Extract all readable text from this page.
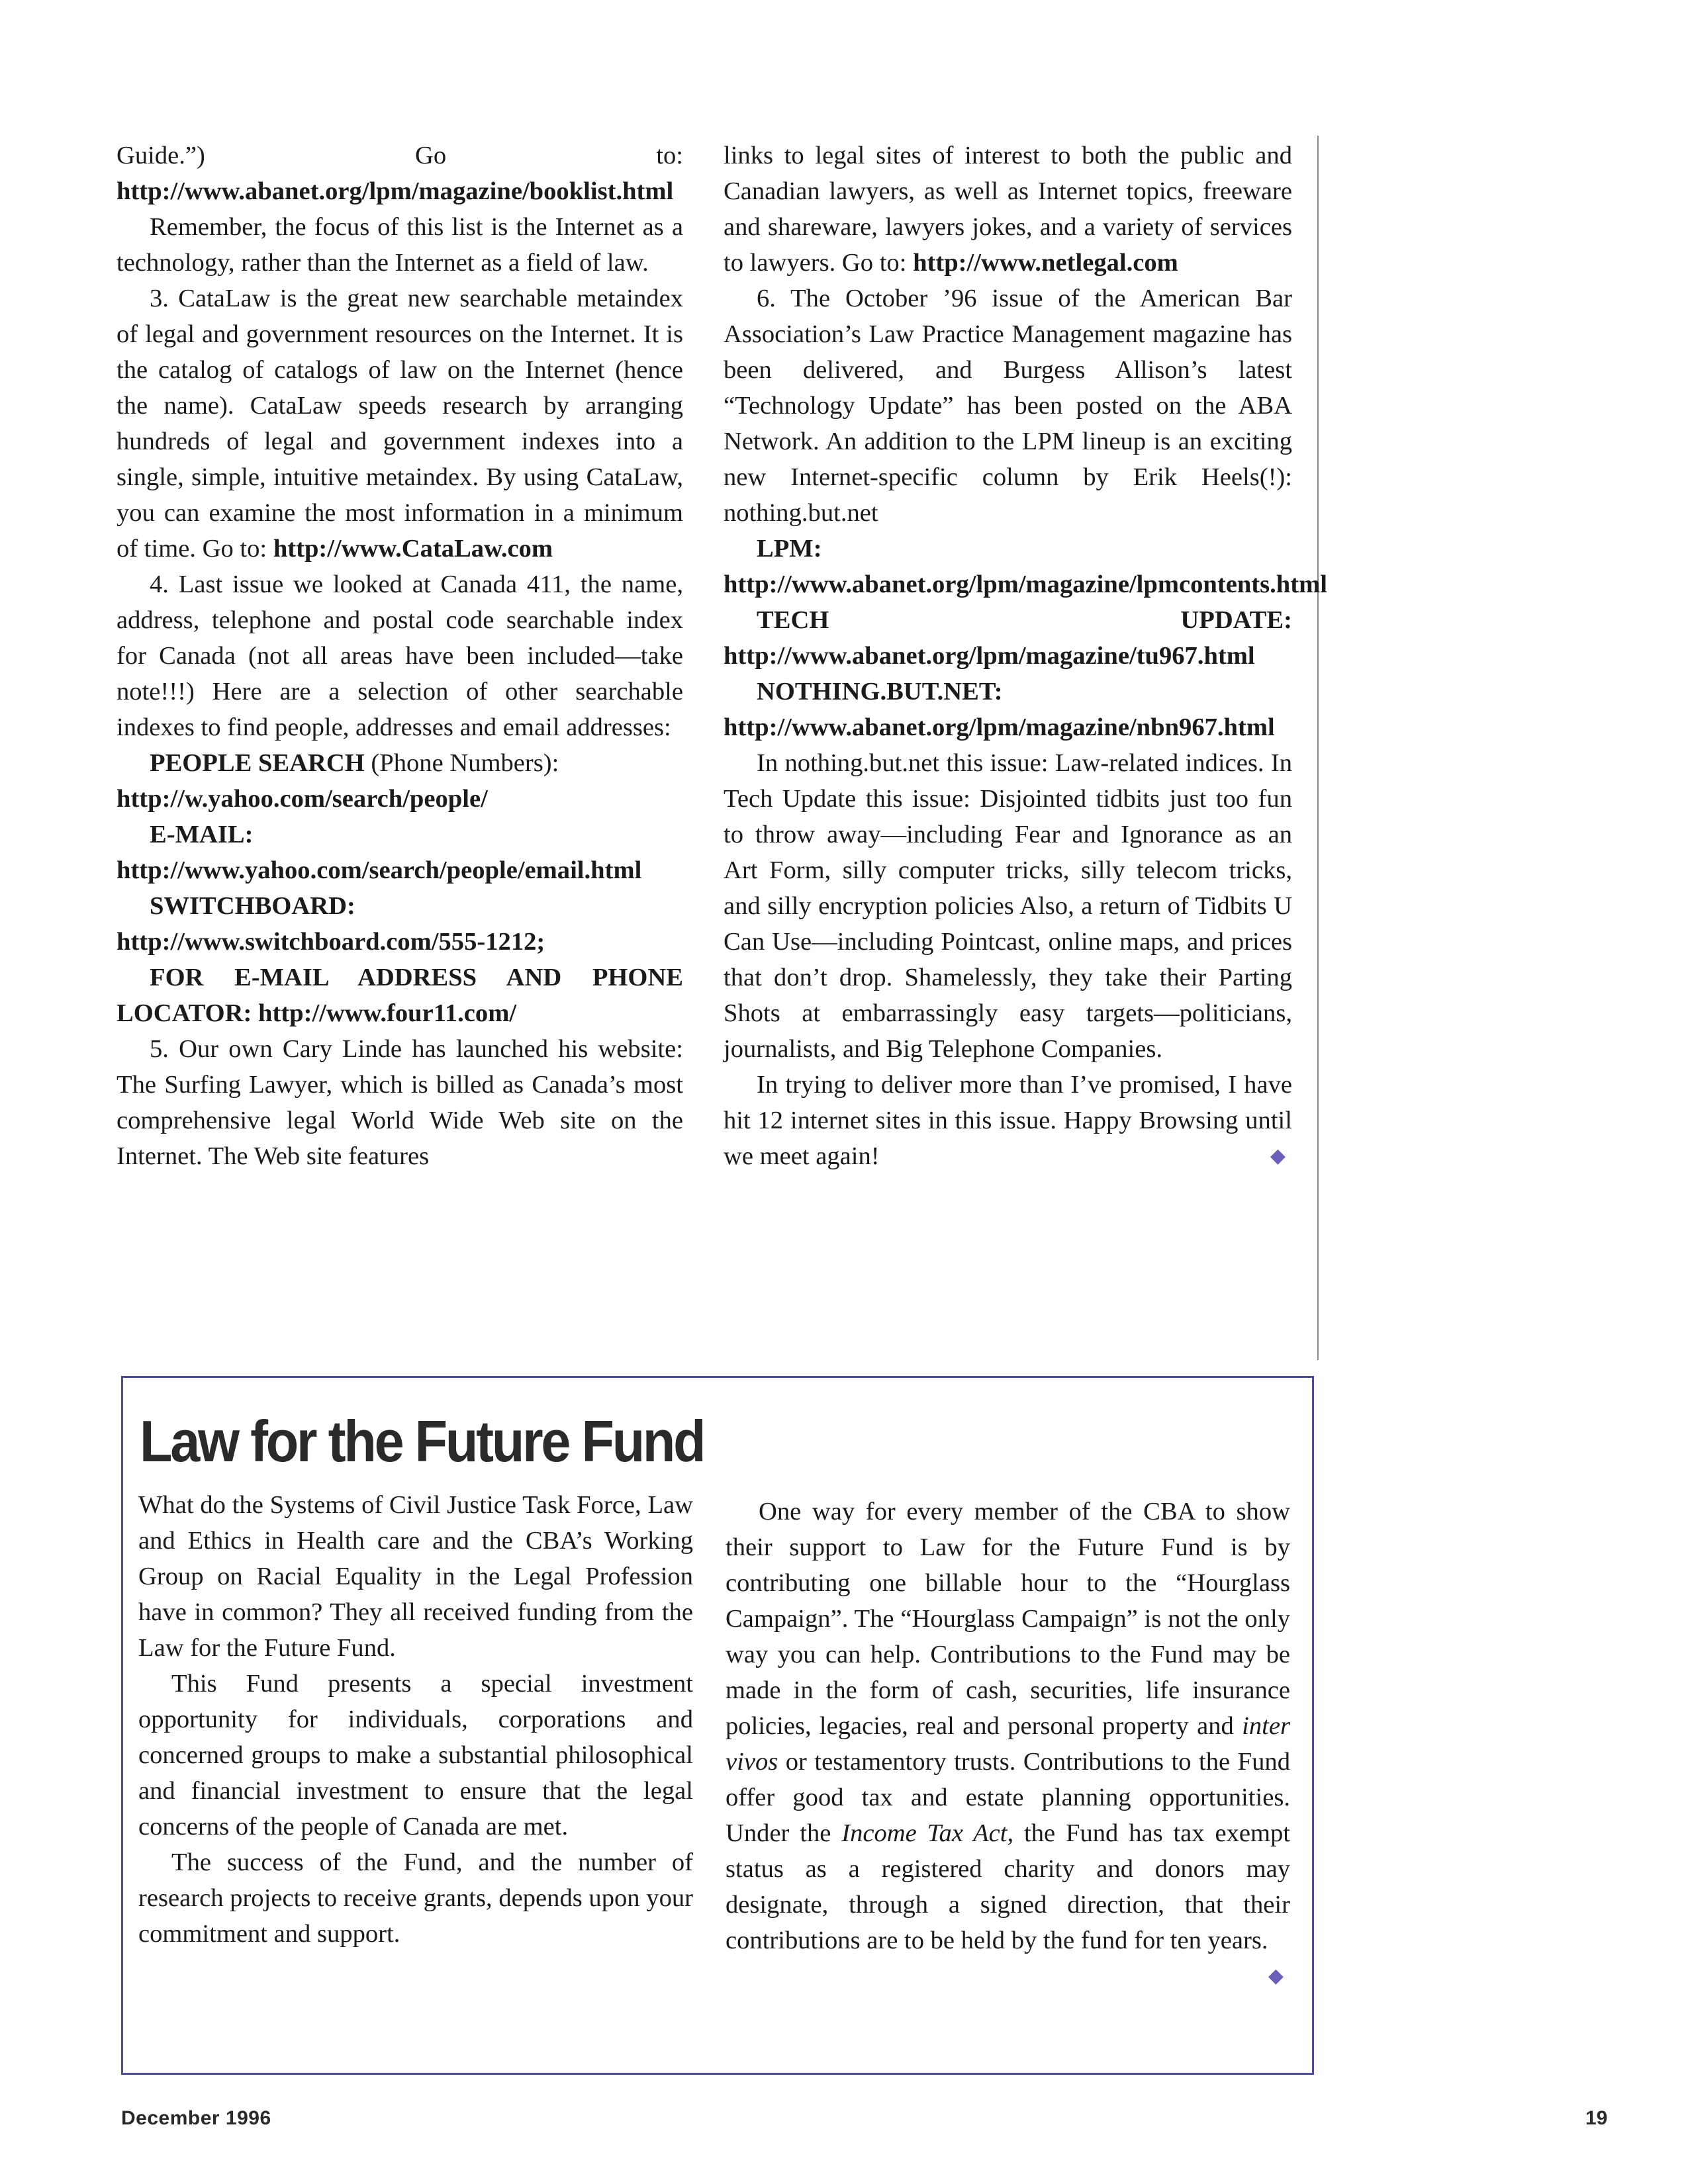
Guide.”) Go to: http://www.abanet.org/lpm/magazine/booklist.html

Remember, the focus of this list is the Internet as a technology, rather than the Internet as a field of law.

3. CataLaw is the great new searchable metaindex of legal and government resources on the Internet. It is the catalog of catalogs of law on the Internet (hence the name). CataLaw speeds research by arranging hundreds of legal and government indexes into a single, simple, intuitive metaindex. By using CataLaw, you can examine the most information in a minimum of time. Go to: http://www.CataLaw.com

4. Last issue we looked at Canada 411, the name, address, telephone and postal code searchable index for Canada (not all areas have been included—take note!!!) Here are a selection of other searchable indexes to find people, addresses and email addresses:

PEOPLE SEARCH (Phone Numbers):
http://w.yahoo.com/search/people/

E-MAIL: http://www.yahoo.com/search/people/email.html

SWITCHBOARD: http://www.switchboard.com/555-1212;

FOR E-MAIL ADDRESS AND PHONE LOCATOR: http://www.four11.com/

5. Our own Cary Linde has launched his website: The Surfing Lawyer, which is billed as Canada’s most comprehensive legal World Wide Web site on the Internet. The Web site features

links to legal sites of interest to both the public and Canadian lawyers, as well as Internet topics, freeware and shareware, lawyers jokes, and a variety of services to lawyers. Go to: http://www.netlegal.com

6. The October ’96 issue of the American Bar Association’s Law Practice Management magazine has been delivered, and Burgess Allison’s latest “Technology Update” has been posted on the ABA Network. An addition to the LPM lineup is an exciting new Internet-specific column by Erik Heels(!): nothing.but.net

LPM: http://www.abanet.org/lpm/magazine/lpmcontents.html

TECH UPDATE: http://www.abanet.org/lpm/magazine/tu967.html

NOTHING.BUT.NET: http://www.abanet.org/lpm/magazine/nbn967.html

In nothing.but.net this issue: Law-related indices. In Tech Update this issue: Disjointed tidbits just too fun to throw away—including Fear and Ignorance as an Art Form, silly computer tricks, silly telecom tricks, and silly encryption policies Also, a return of Tidbits U Can Use—including Pointcast, online maps, and prices that don’t drop. Shamelessly, they take their Parting Shots at embarrassingly easy targets—politicians, journalists, and Big Telephone Companies.

In trying to deliver more than I’ve promised, I have hit 12 internet sites in this issue. Happy Browsing until we meet again!	◆

Law for the Future Fund

What do the Systems of Civil Justice Task Force, Law and Ethics in Health care and the CBA’s Working Group on Racial Equality in the Legal Profession have in common? They all received funding from the Law for the Future Fund.

This Fund presents a special investment opportunity for individuals, corporations and concerned groups to make a substantial philosophical and financial investment to ensure that the legal concerns of the people of Canada are met.

The success of the Fund, and the number of research projects to receive grants, depends upon your commitment and support.

One way for every member of the CBA to show their support to Law for the Future Fund is by contributing one billable hour to the “Hourglass Campaign”. The “Hourglass Campaign” is not the only way you can help. Contributions to the Fund may be made in the form of cash, securities, life insurance policies, legacies, real and personal property and inter vivos or testamentory trusts. Contributions to the Fund offer good tax and estate planning opportunities. Under the Income Tax Act, the Fund has tax exempt status as a registered charity and donors may designate, through a signed direction, that their contributions are to be held by the fund for ten years.
◆

December 1996	19
